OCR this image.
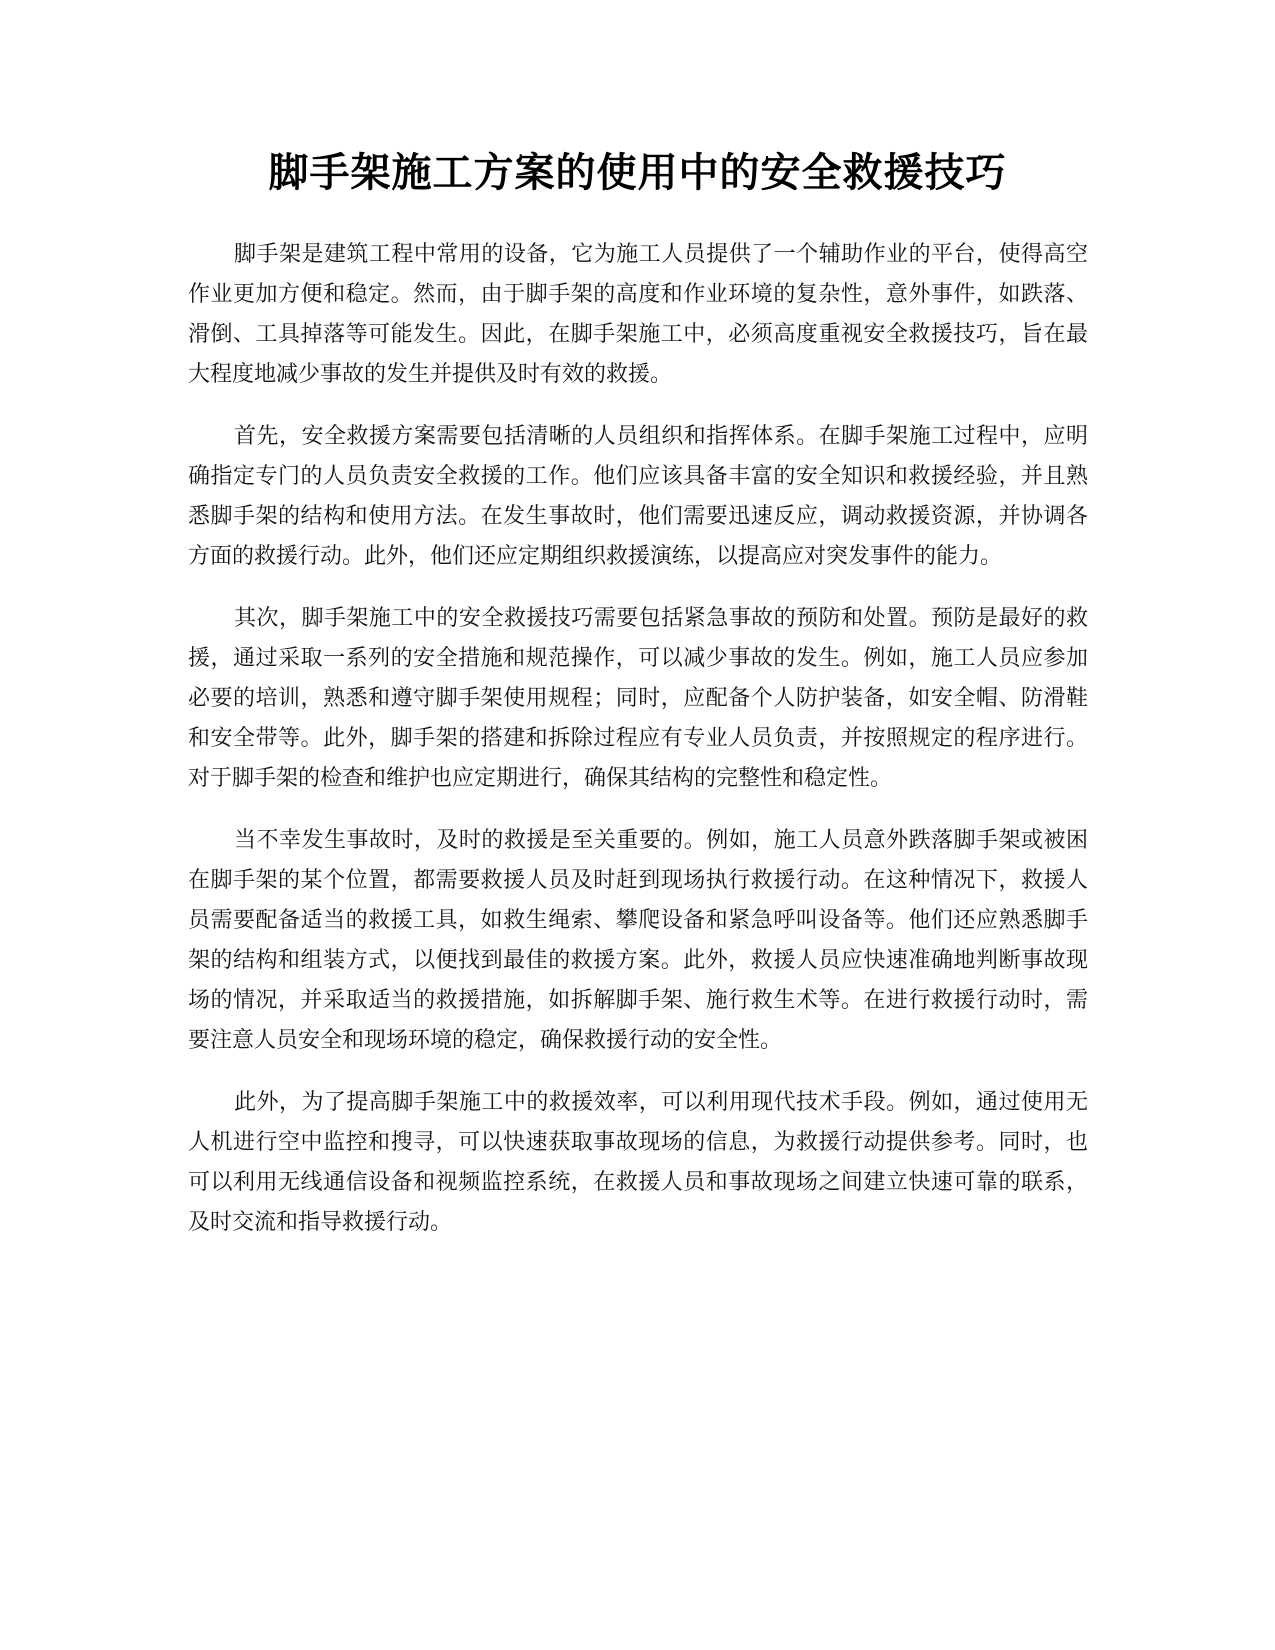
脚手架施工方案的使用中的安全救援技巧

脚手架是建筑工程中常用的设备，它为施工人员提供了一个辅助作业的平台，使得高空作业更加方便和稳定。然而，由于脚手架的高度和作业环境的复杂性，意外事件，如跌落、滑倒、工具掉落等可能发生。因此，在脚手架施工中，必须高度重视安全救援技巧，旨在最大程度地减少事故的发生并提供及时有效的救援。

首先，安全救援方案需要包括清晰的人员组织和指挥体系。在脚手架施工过程中，应明确指定专门的人员负责安全救援的工作。他们应该具备丰富的安全知识和救援经验，并且熟悉脚手架的结构和使用方法。在发生事故时，他们需要迅速反应，调动救援资源，并协调各方面的救援行动。此外，他们还应定期组织救援演练，以提高应对突发事件的能力。

其次，脚手架施工中的安全救援技巧需要包括紧急事故的预防和处置。预防是最好的救援，通过采取一系列的安全措施和规范操作，可以减少事故的发生。例如，施工人员应参加必要的培训，熟悉和遵守脚手架使用规程；同时，应配备个人防护装备，如安全帽、防滑鞋和安全带等。此外，脚手架的搭建和拆除过程应有专业人员负责，并按照规定的程序进行。对于脚手架的检查和维护也应定期进行，确保其结构的完整性和稳定性。

当不幸发生事故时，及时的救援是至关重要的。例如，施工人员意外跌落脚手架或被困在脚手架的某个位置，都需要救援人员及时赶到现场执行救援行动。在这种情况下，救援人员需要配备适当的救援工具，如救生绳索、攀爬设备和紧急呼叫设备等。他们还应熟悉脚手架的结构和组装方式，以便找到最佳的救援方案。此外，救援人员应快速准确地判断事故现场的情况，并采取适当的救援措施，如拆解脚手架、施行救生术等。在进行救援行动时，需要注意人员安全和现场环境的稳定，确保救援行动的安全性。

此外，为了提高脚手架施工中的救援效率，可以利用现代技术手段。例如，通过使用无人机进行空中监控和搜寻，可以快速获取事故现场的信息，为救援行动提供参考。同时，也可以利用无线通信设备和视频监控系统，在救援人员和事故现场之间建立快速可靠的联系，及时交流和指导救援行动。
